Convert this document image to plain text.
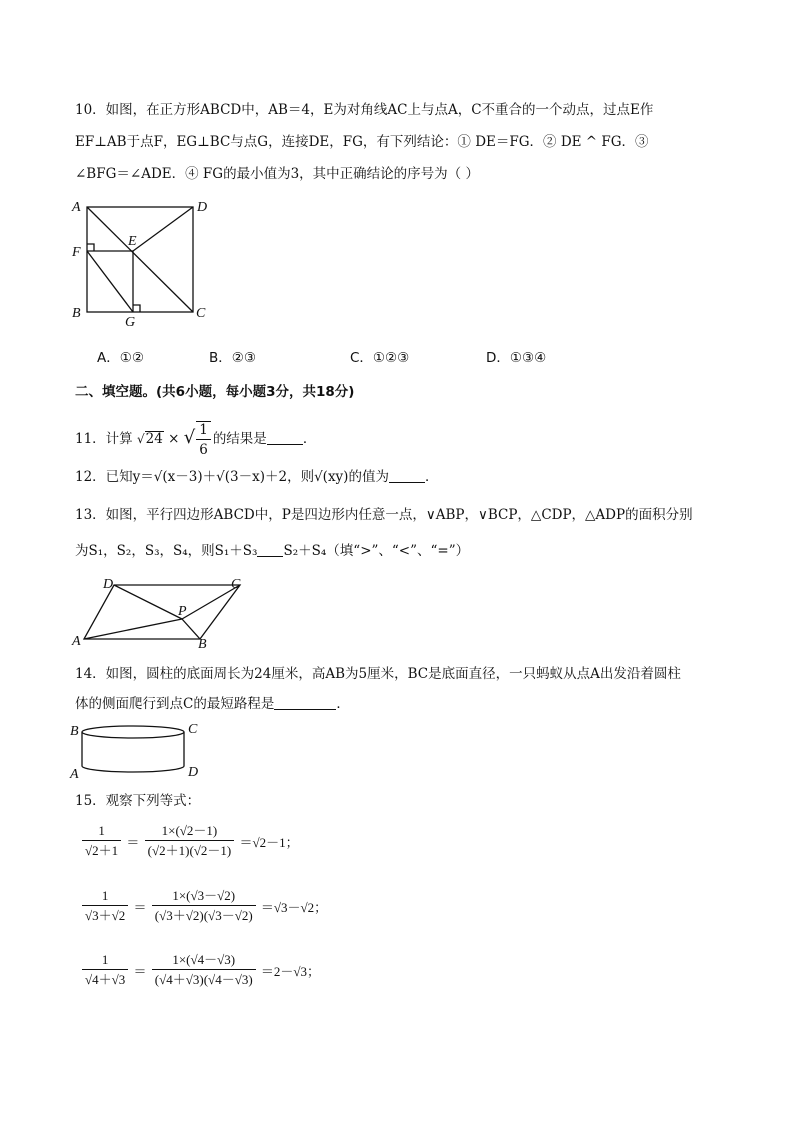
10．如图，在正方形ABCD中，AB＝4，E为对角线AC上与点A，C不重合的一个动点，过点E作
EF⊥AB于点F，EG⊥BC与点G，连接DE，FG，有下列结论：① DE＝FG．② DE ^ FG．③
∠BFG＝∠ADE．④ FG的最小值为3，其中正确结论的序号为（ ）
A	D
F
E
B
G
C
A．①②	B．②③	C．①②③	D．①③④
二、填空题。(共6小题，每小题3分，共18分)
11．计算 √24 × √ $\frac{1}{6}$ 的结果是	．
12．已知y＝√(x－3)＋√(3－x)＋2，则√(xy)的值为	．
13．如图，平行四边形ABCD中，P是四边形内任意一点，∨ABP，∨BCP，△CDP，△ADP的面积分别
为S₁，S₂，S₃，S₄，则S₁＋S₃ S₂＋S₄（填“>”、“<”、“=”）
D	C
P
A	B
14．如图，圆柱的底面周长为24厘米，高AB为5厘米，BC是底面直径，一只蚂蚁从点A出发沿着圆柱
体的侧面爬行到点C的最短路程是	．
B	C
A	D
15．观察下列等式：
$\frac{1}{√2+1} = \frac{1\times(√2-1)}{(√2+1)(√2-1)} =√2-1$；
$\frac{1}{√3+√2} = \frac{1\times(√3-√2)}{(√3+√2)(√3-√2)} =√3-√2$；
$\frac{1}{√4+√3} = \frac{1\times(√4-√3)}{(√4+√3)(√4-√3)} =2-√3$；
